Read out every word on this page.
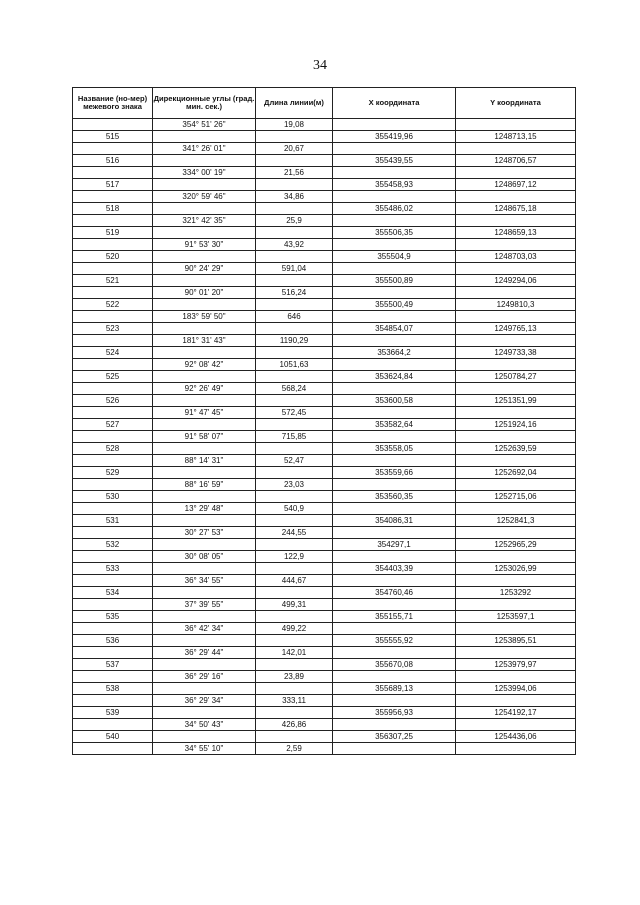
34
Название (но-мер) межевого знака	Дирекционные углы (град. мин. сек.)	Длина линии(м)	X координата	Y координата
	354° 51' 26"	19,08		
515			355419,96	1248713,15
	341° 26' 01"	20,67		
516			355439,55	1248706,57
	334° 00' 19"	21,56		
517			355458,93	1248697,12
	320° 59' 46"	34,86		
518			355486,02	1248675,18
	321° 42' 35"	25,9		
519			355506,35	1248659,13
	91° 53' 30"	43,92		
520			355504,9	1248703,03
	90° 24' 29"	591,04		
521			355500,89	1249294,06
	90° 01' 20"	516,24		
522			355500,49	1249810,3
	183° 59' 50"	646		
523			354854,07	1249765,13
	181° 31' 43"	1190,29		
524			353664,2	1249733,38
	92° 08' 42"	1051,63		
525			353624,84	1250784,27
	92° 26' 49"	568,24		
526			353600,58	1251351,99
	91° 47' 45"	572,45		
527			353582,64	1251924,16
	91° 58' 07"	715,85		
528			353558,05	1252639,59
	88° 14' 31"	52,47		
529			353559,66	1252692,04
	88° 16' 59"	23,03		
530			353560,35	1252715,06
	13° 29' 48"	540,9		
531			354086,31	1252841,3
	30° 27' 53"	244,55		
532			354297,1	1252965,29
	30° 08' 05"	122,9		
533			354403,39	1253026,99
	36° 34' 55"	444,67		
534			354760,46	1253292
	37° 39' 55"	499,31		
535			355155,71	1253597,1
	36° 42' 34"	499,22		
536			355555,92	1253895,51
	36° 29' 44"	142,01		
537			355670,08	1253979,97
	36° 29' 16"	23,89		
538			355689,13	1253994,06
	36° 29' 34"	333,11		
539			355956,93	1254192,17
	34° 50' 43"	426,86		
540			356307,25	1254436,06
	34° 55' 10"	2,59		
